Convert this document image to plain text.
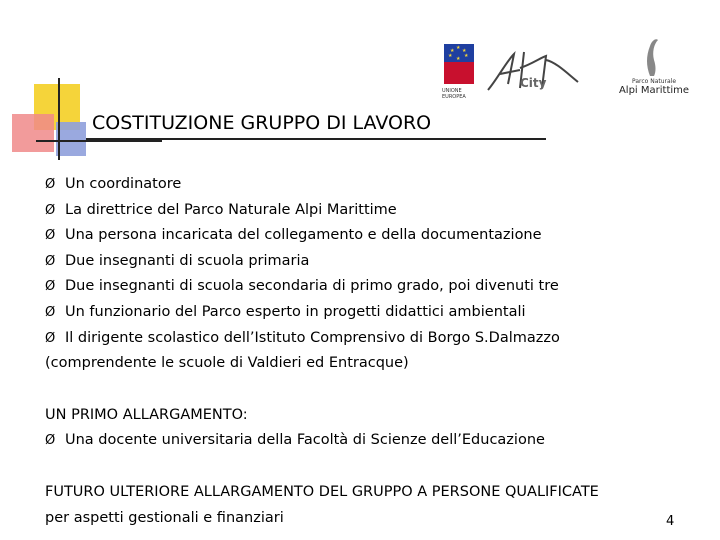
★
★ ★
★ ★
★
UNIONE EUROPEA
City	Parco Naturale
Alpi Marittime
COSTITUZIONE GRUPPO DI LAVORO
Ø Un coordinatore
Ø La direttrice del Parco Naturale Alpi Marittime
Ø Una persona incaricata del collegamento e della documentazione
Ø Due insegnanti di scuola primaria
Ø Due insegnanti di scuola secondaria di primo grado, poi divenuti tre
Ø Un funzionario del Parco esperto in progetti didattici ambientali
Ø Il dirigente scolastico dell’Istituto Comprensivo di Borgo S.Dalmazzo
(comprendente le scuole di Valdieri ed Entracque)
UN PRIMO ALLARGAMENTO:
Ø Una docente universitaria della Facoltà di Scienze dell’Educazione
FUTURO ULTERIORE ALLARGAMENTO DEL GRUPPO A PERSONE QUALIFICATE
per aspetti gestionali e finanziari	4
